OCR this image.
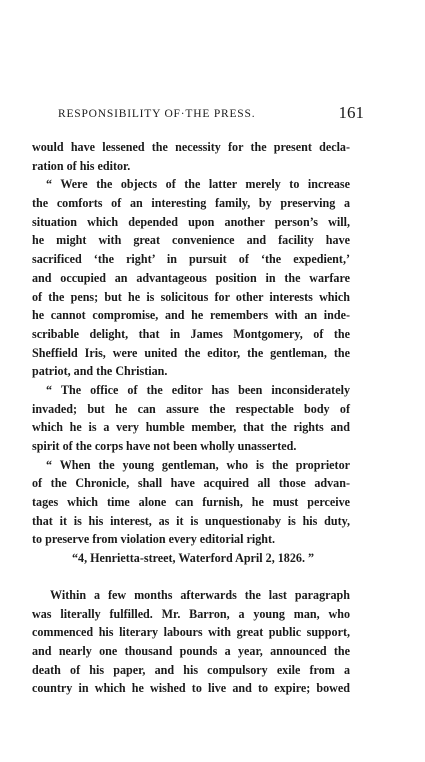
RESPONSIBILITY OF·THE PRESS.	161
would have lessened the necessity for the present decla-
ration of his editor.
“ Were the objects of the latter merely to increase
the comforts of an interesting family, by preserving a
situation which depended upon another person’s will,
he might with great convenience and facility have
sacrificed ‘the right’ in pursuit of ‘the expedient,’
and occupied an advantageous position in the warfare
of the pens; but he is solicitous for other interests which
he cannot compromise, and he remembers with an inde-
scribable delight, that in James Montgomery, of the
Sheffield Iris, were united the editor, the gentleman, the
patriot, and the Christian.
“ The office of the editor has been inconsiderately
invaded; but he can assure the respectable body of
which he is a very humble member, that the rights and
spirit of the corps have not been wholly unasserted.
“ When the young gentleman, who is the proprietor
of the Chronicle, shall have acquired all those advan-
tages which time alone can furnish, he must perceive
that it is his interest, as it is unquestionaby is his duty,
to preserve from violation every editorial right.
“4, Henrietta-street, Waterford April 2, 1826. ”
Within a few months afterwards the last paragraph
was literally fulfilled. Mr. Barron, a young man, who
commenced his literary labours with great public support,
and nearly one thousand pounds a year, announced the
death of his paper, and his compulsory exile from a
country in which he wished to live and to expire; bowed
